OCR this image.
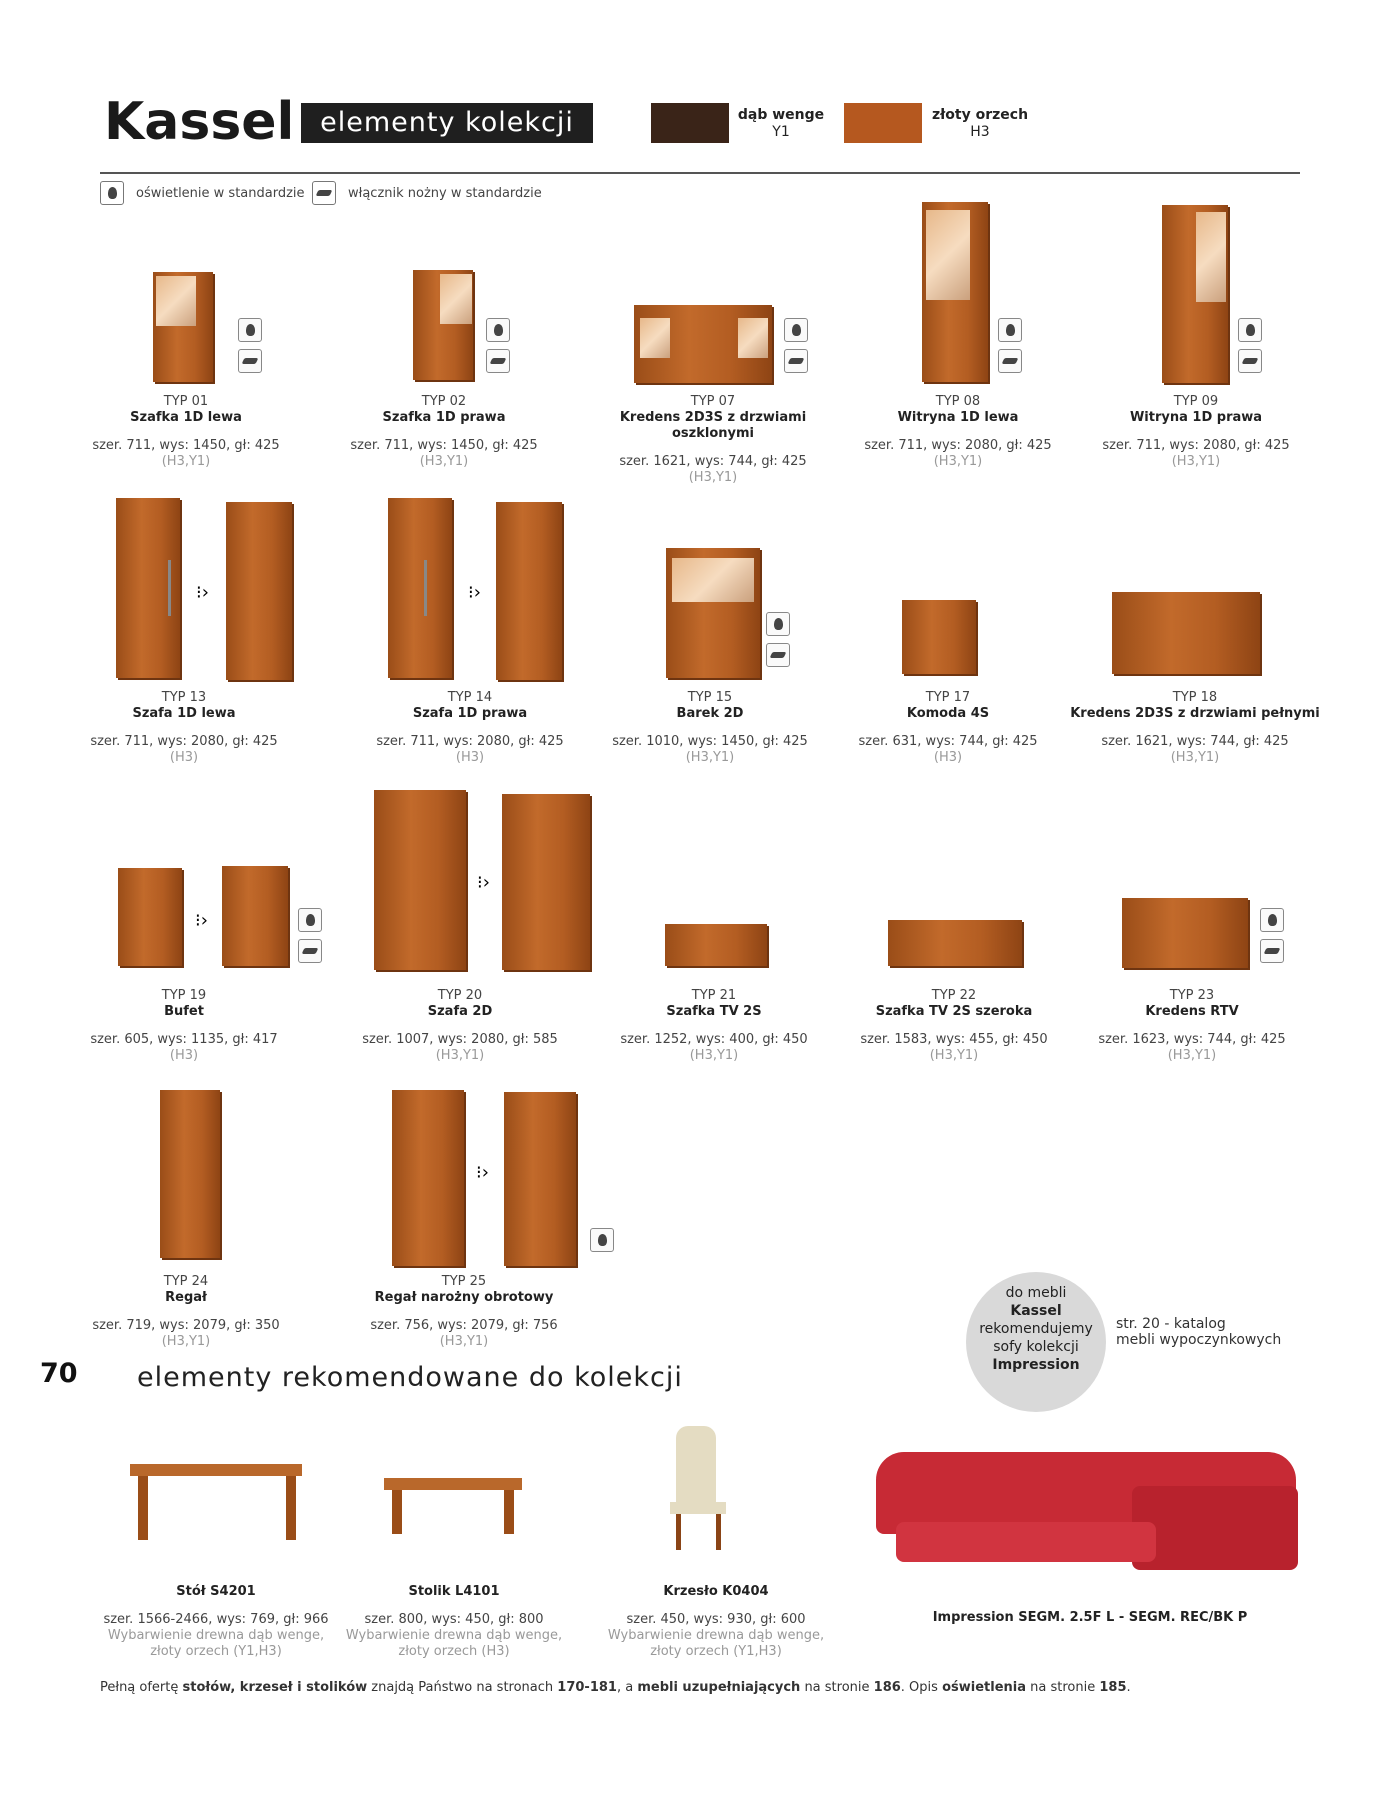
Kassel elementy kolekcji	dąb wenge
Y1
złoty orzech
H3
oświetlenie w standardzie	włącznik nożny w standardzie
⁝›	⁝›
⁝›
⁝›
⁝›
TYP 01
Szafka 1D lewa
szer. 711, wys: 1450, gł: 425
(H3,Y1)
TYP 02
Szafka 1D prawa
szer. 711, wys: 1450, gł: 425
(H3,Y1)
TYP 07
Kredens 2D3S z drzwiami oszklonymi
szer. 1621, wys: 744, gł: 425
(H3,Y1)
TYP 08
Witryna 1D lewa
szer. 711, wys: 2080, gł: 425
(H3,Y1)
TYP 09
Witryna 1D prawa
szer. 711, wys: 2080, gł: 425
(H3,Y1)
TYP 13
Szafa 1D lewa
szer. 711, wys: 2080, gł: 425
(H3)
TYP 14
Szafa 1D prawa
szer. 711, wys: 2080, gł: 425
(H3)
TYP 15
Barek 2D
szer. 1010, wys: 1450, gł: 425
(H3,Y1)
TYP 17
Komoda 4S
szer. 631, wys: 744, gł: 425
(H3)
TYP 18
Kredens 2D3S z drzwiami pełnymi
szer. 1621, wys: 744, gł: 425
(H3,Y1)
TYP 19
Bufet
szer. 605, wys: 1135, gł: 417
(H3)
TYP 20
Szafa 2D
szer. 1007, wys: 2080, gł: 585
(H3,Y1)
TYP 21
Szafka TV 2S
szer. 1252, wys: 400, gł: 450
(H3,Y1)
TYP 22
Szafka TV 2S szeroka
szer. 1583, wys: 455, gł: 450
(H3,Y1)
TYP 23
Kredens RTV
szer. 1623, wys: 744, gł: 425
(H3,Y1)
TYP 24
Regał
szer. 719, wys: 2079, gł: 350
(H3,Y1)
TYP 25
Regał narożny obrotowy
szer. 756, wys: 2079, gł: 756
(H3,Y1)
do mebli
Kassel
rekomendujemy
sofy kolekcji
Impression
str. 20 - katalog
mebli wypoczynkowych
70 elementy rekomendowane do kolekcji
Stół S4201
szer. 1566-2466, wys: 769, gł: 966
Wybarwienie drewna dąb wenge,
złoty orzech (Y1,H3)
Stolik L4101
szer. 800, wys: 450, gł: 800
Wybarwienie drewna dąb wenge,
złoty orzech (H3)
Krzesło K0404
szer. 450, wys: 930, gł: 600
Wybarwienie drewna dąb wenge,
złoty orzech (Y1,H3)
Impression SEGM. 2.5F L - SEGM. REC/BK P
Pełną ofertę stołów, krzeseł i stolików znajdą Państwo na stronach 170-181, a mebli uzupełniających na stronie 186. Opis oświetlenia na stronie 185.
